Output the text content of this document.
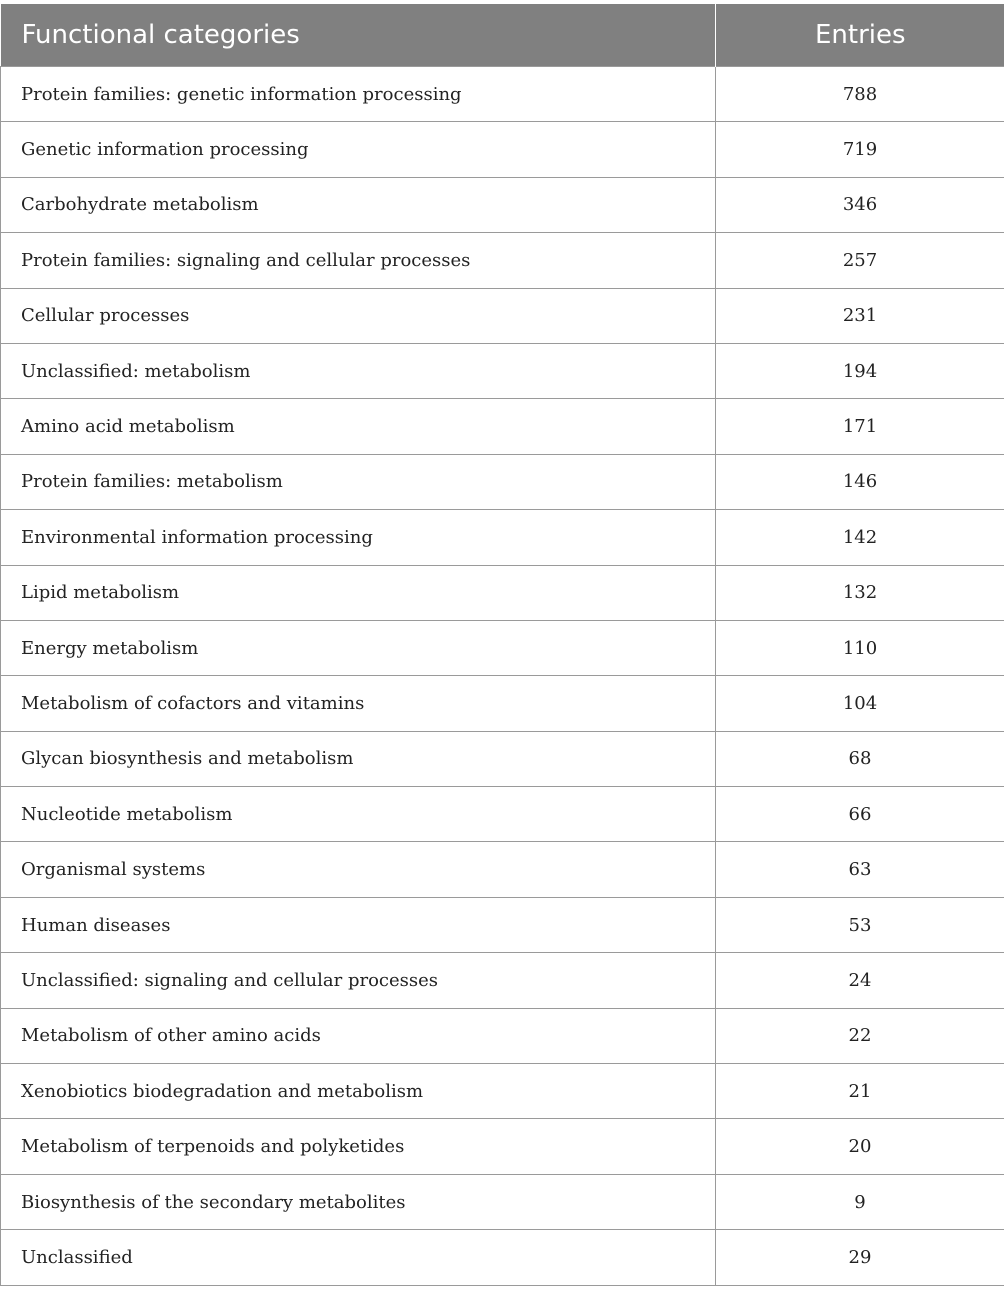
Functional categories	Entries
Protein families: genetic information processing	788
Genetic information processing	719
Carbohydrate metabolism	346
Protein families: signaling and cellular processes	257
Cellular processes	231
Unclassified: metabolism	194
Amino acid metabolism	171
Protein families: metabolism	146
Environmental information processing	142
Lipid metabolism	132
Energy metabolism	110
Metabolism of cofactors and vitamins	104
Glycan biosynthesis and metabolism	68
Nucleotide metabolism	66
Organismal systems	63
Human diseases	53
Unclassified: signaling and cellular processes	24
Metabolism of other amino acids	22
Xenobiotics biodegradation and metabolism	21
Metabolism of terpenoids and polyketides	20
Biosynthesis of the secondary metabolites	9
Unclassified	29
